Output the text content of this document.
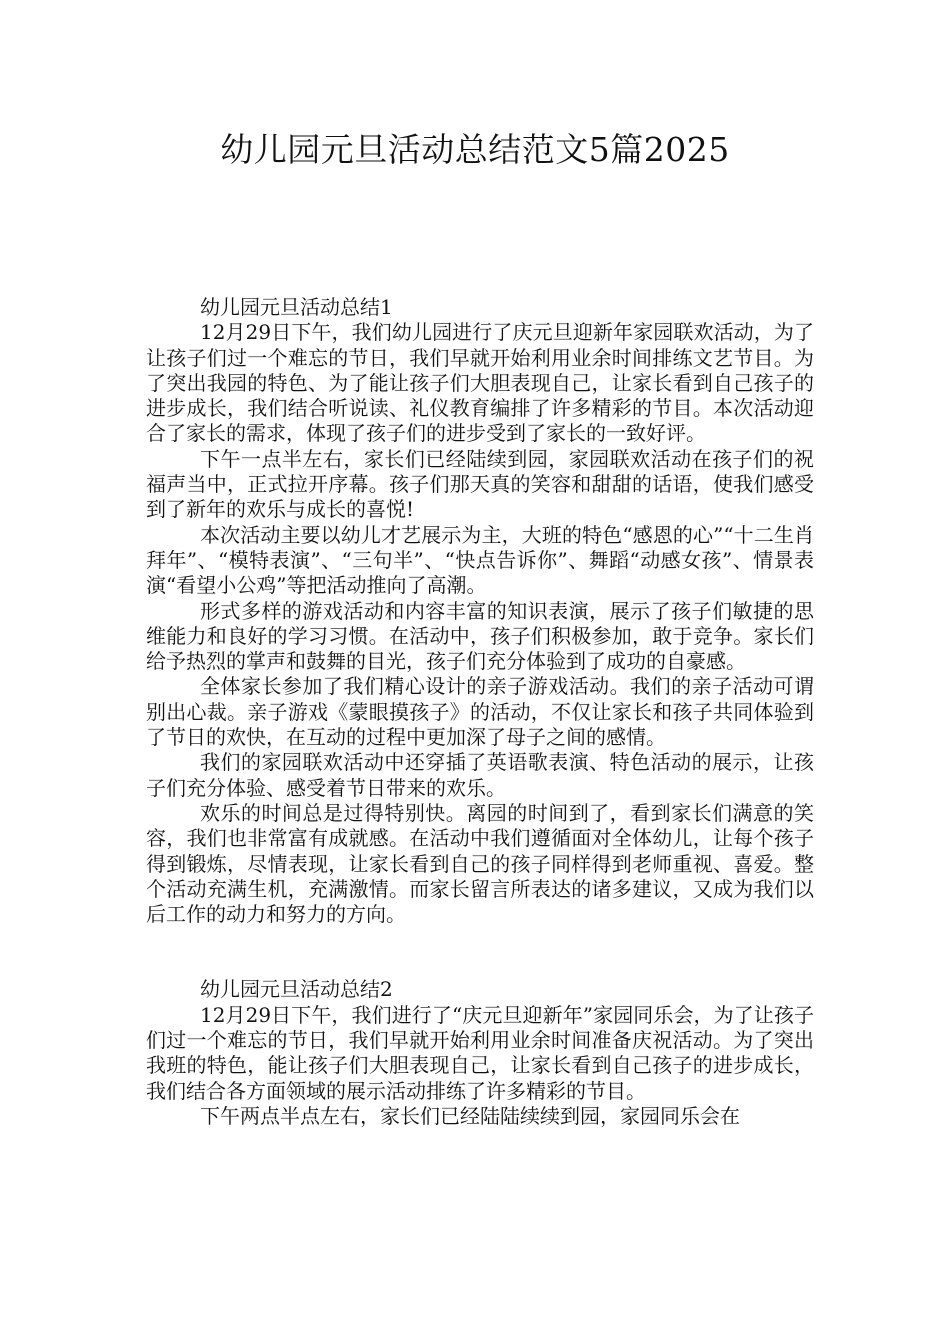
幼儿园元旦活动总结范文5篇2025
幼儿园元旦活动总结1

12月29日下午，我们幼儿园进行了庆元旦迎新年家园联欢活动，为了让孩子们过一个难忘的节日，我们早就开始利用业余时间排练文艺节目。为了突出我园的特色、为了能让孩子们大胆表现自己，让家长看到自己孩子的进步成长，我们结合听说读、礼仪教育编排了许多精彩的节目。本次活动迎合了家长的需求，体现了孩子们的进步受到了家长的一致好评。

下午一点半左右，家长们已经陆续到园，家园联欢活动在孩子们的祝福声当中，正式拉开序幕。孩子们那天真的笑容和甜甜的话语，使我们感受到了新年的欢乐与成长的喜悦!

本次活动主要以幼儿才艺展示为主，大班的特色“感恩的心”“十二生肖拜年”、“模特表演”、“三句半”、“快点告诉你”、舞蹈“动感女孩”、情景表演“看望小公鸡”等把活动推向了高潮。

形式多样的游戏活动和内容丰富的知识表演，展示了孩子们敏捷的思维能力和良好的学习习惯。在活动中，孩子们积极参加，敢于竞争。家长们给予热烈的掌声和鼓舞的目光，孩子们充分体验到了成功的自豪感。

全体家长参加了我们精心设计的亲子游戏活动。我们的亲子活动可谓别出心裁。亲子游戏《蒙眼摸孩子》的活动，不仅让家长和孩子共同体验到了节日的欢快，在互动的过程中更加深了母子之间的感情。

我们的家园联欢活动中还穿插了英语歌表演、特色活动的展示，让孩子们充分体验、感受着节日带来的欢乐。

欢乐的时间总是过得特别快。离园的时间到了，看到家长们满意的笑容，我们也非常富有成就感。在活动中我们遵循面对全体幼儿，让每个孩子得到锻炼，尽情表现，让家长看到自己的孩子同样得到老师重视、喜爱。整个活动充满生机，充满激情。而家长留言所表达的诸多建议，又成为我们以后工作的动力和努力的方向。

幼儿园元旦活动总结2

12月29日下午，我们进行了“庆元旦迎新年”家园同乐会，为了让孩子们过一个难忘的节日，我们早就开始利用业余时间准备庆祝活动。为了突出我班的特色，能让孩子们大胆表现自己，让家长看到自己孩子的进步成长，我们结合各方面领域的展示活动排练了许多精彩的节目。

下午两点半点左右，家长们已经陆陆续续到园，家园同乐会在
